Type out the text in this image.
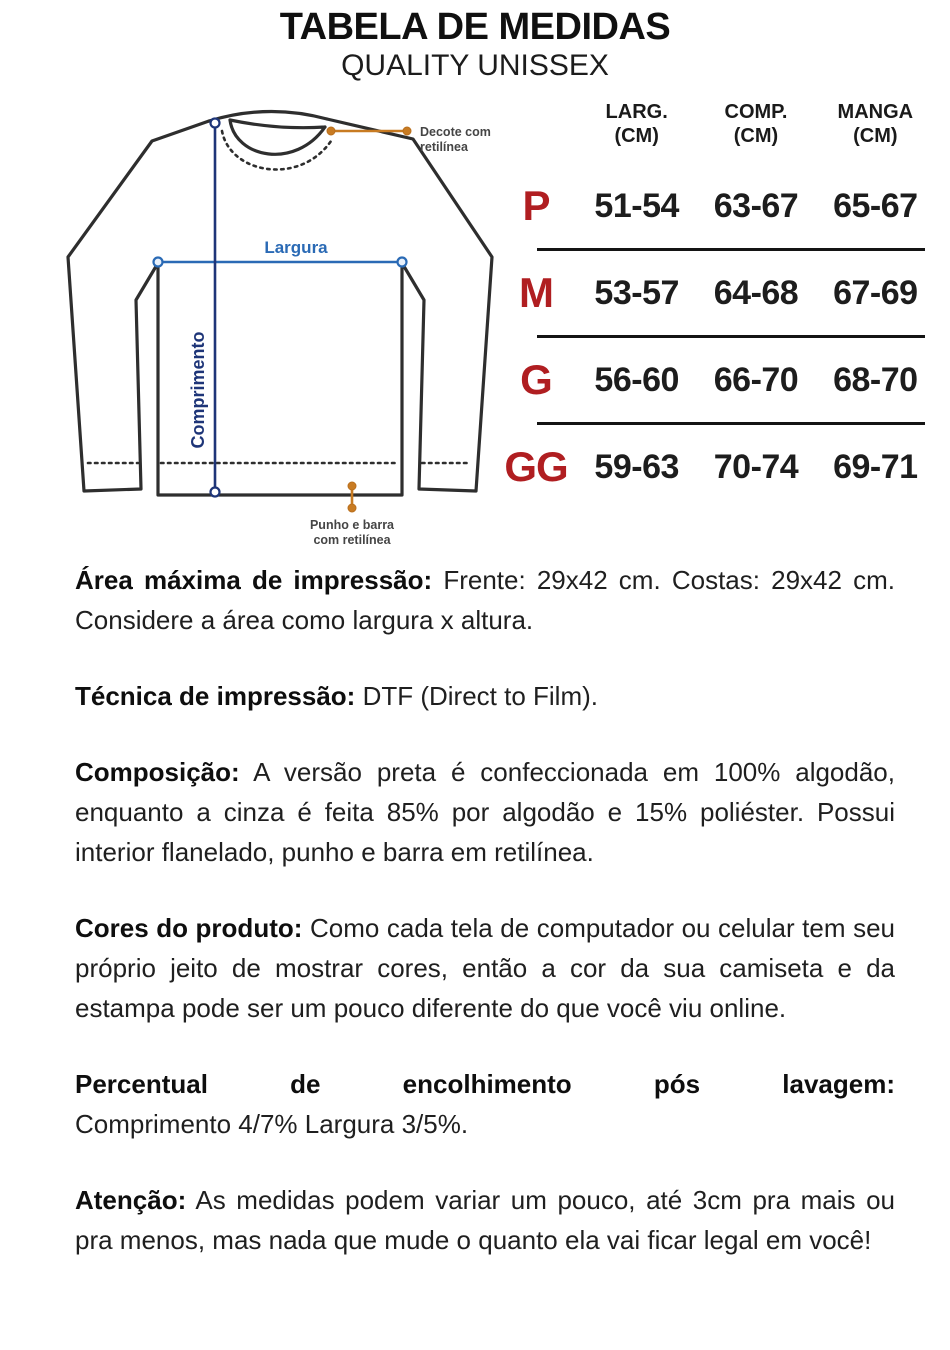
TABELA DE MEDIDAS
QUALITY UNISSEX
Largura
Comprimento
Decote com
retilínea
Punho e barra
com retilínea
LARG.
(CM)
COMP.
(CM)
MANGA
(CM)
P	51-54	63-67	65-67
M	53-57	64-68	67-69
G	56-60	66-70	68-70
GG 59-63	70-74	69-71

Área máxima de impressão: Frente: 29x42 cm. Costas: 29x42 cm. Considere a área como largura x altura.

Técnica de impressão: DTF (Direct to Film).

Composição: A versão preta é confeccionada em 100% algodão, enquanto a cinza é feita 85% por algodão e 15% poliéster. Possui interior flanelado, punho e barra em retilínea.

Cores do produto: Como cada tela de computador ou celular tem seu próprio jeito de mostrar cores, então a cor da sua camiseta e da estampa pode ser um pouco diferente do que você viu online.

Percentual de encolhimento pós lavagem:
Comprimento 4/7% Largura 3/5%.

Atenção: As medidas podem variar um pouco, até 3cm pra mais ou pra menos, mas nada que mude o quanto ela vai ficar legal em você!
